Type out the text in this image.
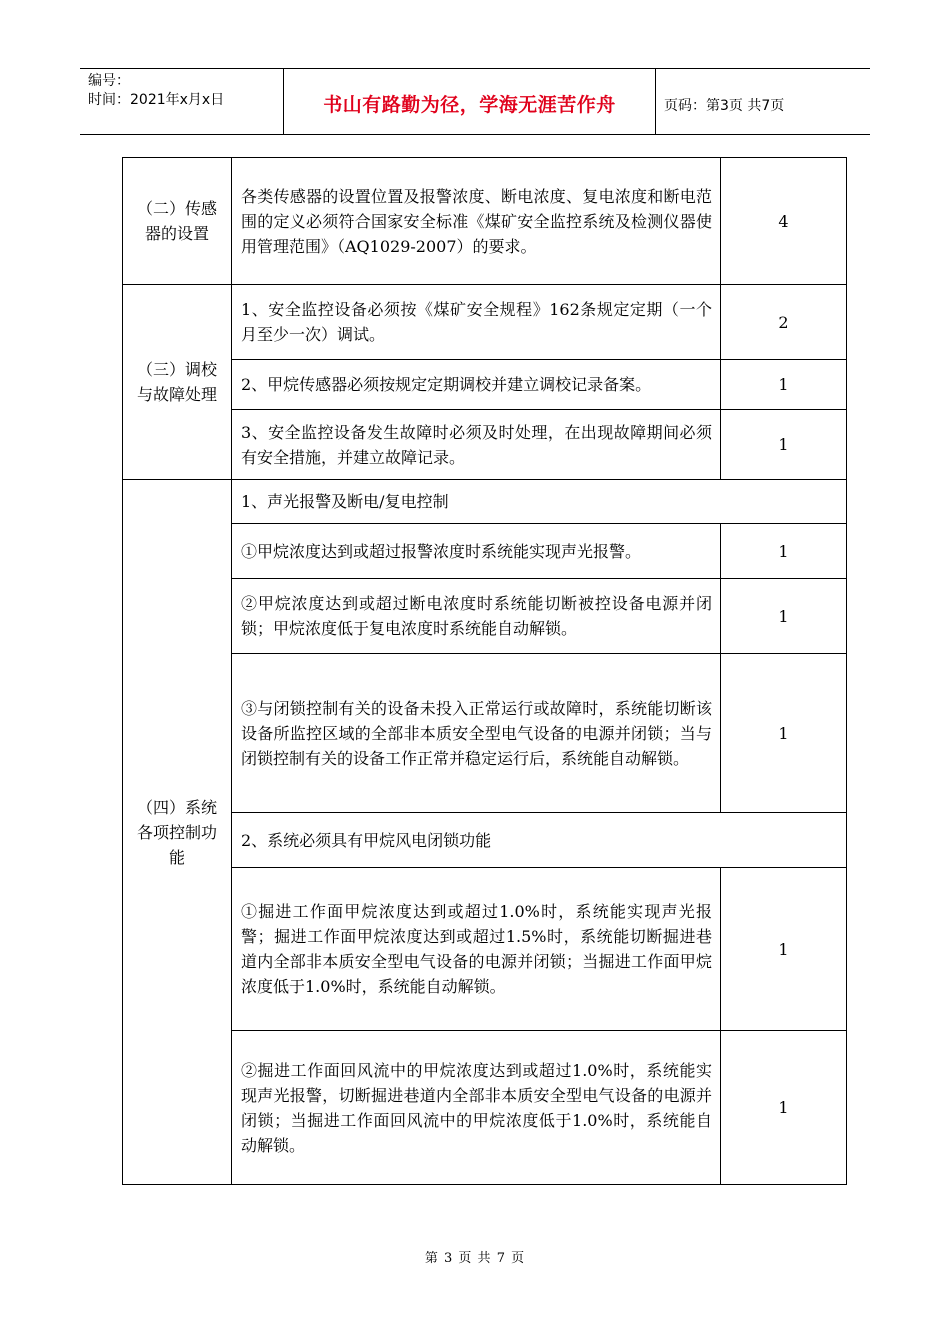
编号：
时间：2021年x月x日	书山有路勤为径，学海无涯苦作舟	页码：第3页 共7页
（二）传感器的设置	各类传感器的设置位置及报警浓度、断电浓度、复电浓度和断电范围的定义必须符合国家安全标准《煤矿安全监控系统及检测仪器使用管理范围》（AQ1029-2007）的要求。	4
（三）调校与故障处理	1、安全监控设备必须按《煤矿安全规程》162条规定定期（一个月至少一次）调试。	2
	2、甲烷传感器必须按规定定期调校并建立调校记录备案。	1
	3、安全监控设备发生故障时必须及时处理，在出现故障期间必须有安全措施，并建立故障记录。	1
（四）系统各项控制功能	1、声光报警及断电/复电控制	
	①甲烷浓度达到或超过报警浓度时系统能实现声光报警。	1
	②甲烷浓度达到或超过断电浓度时系统能切断被控设备电源并闭锁；甲烷浓度低于复电浓度时系统能自动解锁。	1
	③与闭锁控制有关的设备未投入正常运行或故障时，系统能切断该设备所监控区域的全部非本质安全型电气设备的电源并闭锁；当与闭锁控制有关的设备工作正常并稳定运行后，系统能自动解锁。	1
	2、系统必须具有甲烷风电闭锁功能	
	①掘进工作面甲烷浓度达到或超过1.0%时，系统能实现声光报警；掘进工作面甲烷浓度达到或超过1.5%时，系统能切断掘进巷道内全部非本质安全型电气设备的电源并闭锁；当掘进工作面甲烷浓度低于1.0%时，系统能自动解锁。	1
	②掘进工作面回风流中的甲烷浓度达到或超过1.0%时，系统能实现声光报警，切断掘进巷道内全部非本质安全型电气设备的电源并闭锁；当掘进工作面回风流中的甲烷浓度低于1.0%时，系统能自动解锁。	1
第 3 页 共 7 页
